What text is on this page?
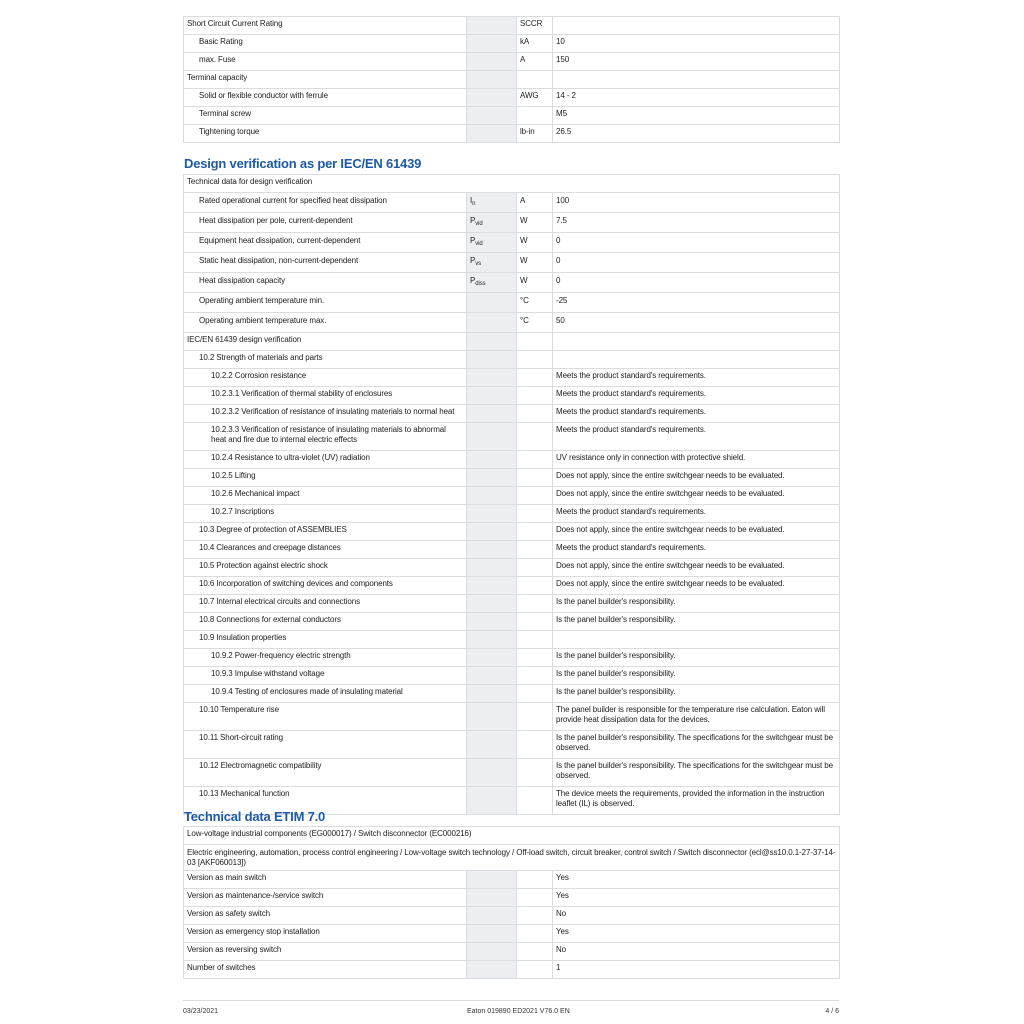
Short Circuit Current Rating		SCCR	
Basic Rating		kA	10
max. Fuse		A	150
Terminal capacity			
Solid or flexible conductor with ferrule		AWG	14 - 2
Terminal screw			M5
Tightening torque		lb-in	26.5
Design verification as per IEC/EN 61439
Technical data for design verification			
Rated operational current for specified heat dissipation	$I_n$	A	100
Heat dissipation per pole, current-dependent	$P_{vid}$	W	7.5
Equipment heat dissipation, current-dependent	$P_{vid}$	W	0
Static heat dissipation, non-current-dependent	$P_{vs}$	W	0
Heat dissipation capacity	$P_{diss}$	W	0
Operating ambient temperature min.		°C	-25
Operating ambient temperature max.		°C	50
IEC/EN 61439 design verification			
10.2 Strength of materials and parts			
10.2.2 Corrosion resistance			Meets the product standard's requirements.
10.2.3.1 Verification of thermal stability of enclosures			Meets the product standard's requirements.
10.2.3.2 Verification of resistance of insulating materials to normal heat			Meets the product standard's requirements.
10.2.3.3 Verification of resistance of insulating materials to abnormal heat and fire due to internal electric effects			Meets the product standard's requirements.
10.2.4 Resistance to ultra-violet (UV) radiation			UV resistance only in connection with protective shield.
10.2.5 Lifting			Does not apply, since the entire switchgear needs to be evaluated.
10.2.6 Mechanical impact			Does not apply, since the entire switchgear needs to be evaluated.
10.2.7 Inscriptions			Meets the product standard's requirements.
10.3 Degree of protection of ASSEMBLIES			Does not apply, since the entire switchgear needs to be evaluated.
10.4 Clearances and creepage distances			Meets the product standard's requirements.
10.5 Protection against electric shock			Does not apply, since the entire switchgear needs to be evaluated.
10.6 Incorporation of switching devices and components			Does not apply, since the entire switchgear needs to be evaluated.
10.7 Internal electrical circuits and connections			Is the panel builder's responsibility.
10.8 Connections for external conductors			Is the panel builder's responsibility.
10.9 Insulation properties			
10.9.2 Power-frequency electric strength			Is the panel builder's responsibility.
10.9.3 Impulse withstand voltage			Is the panel builder's responsibility.
10.9.4 Testing of enclosures made of insulating material			Is the panel builder's responsibility.
10.10 Temperature rise			The panel builder is responsible for the temperature rise calculation. Eaton will provide heat dissipation data for the devices.
10.11 Short-circuit rating			Is the panel builder's responsibility. The specifications for the switchgear must be observed.
10.12 Electromagnetic compatibility			Is the panel builder's responsibility. The specifications for the switchgear must be observed.
10.13 Mechanical function			The device meets the requirements, provided the information in the instruction leaflet (IL) is observed.
Technical data ETIM 7.0
Low-voltage industrial components (EG000017) / Switch disconnector (EC000216)			
Electric engineering, automation, process control engineering / Low-voltage switch technology / Off-load switch, circuit breaker, control switch / Switch disconnector (ecl@ss10.0.1-27-37-14-03 [AKF060013])			
Version as main switch			Yes
Version as maintenance-/service switch			Yes
Version as safety switch			No
Version as emergency stop installation			Yes
Version as reversing switch			No
Number of switches			1
03/23/2021	Eaton 019890 ED2021 V76.0 EN	4 / 6
